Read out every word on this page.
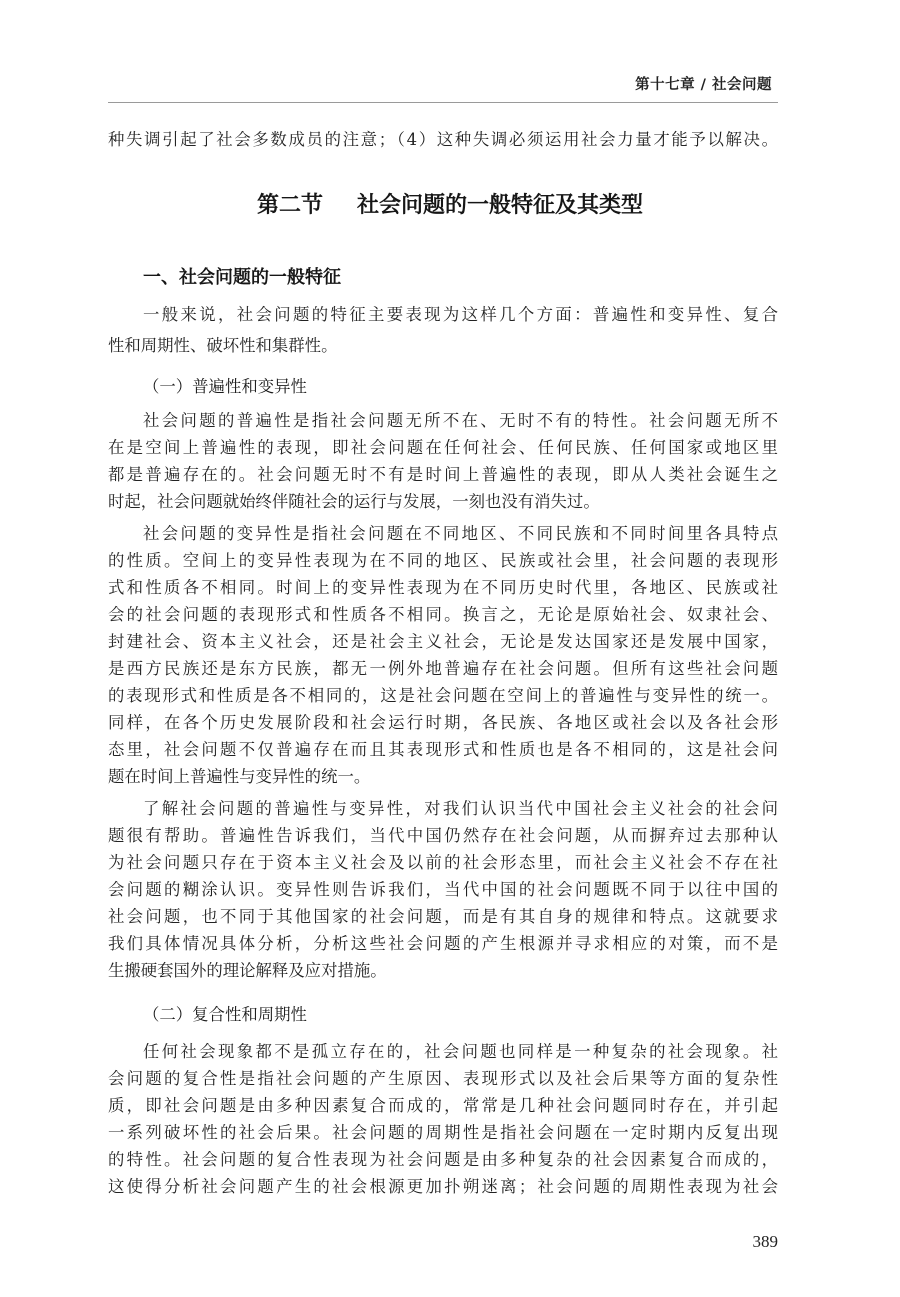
第十七章 / 社会问题
种失调引起了社会多数成员的注意；（4）这种失调必须运用社会力量才能予以解决。
第二节 社会问题的一般特征及其类型
一、社会问题的一般特征
一般来说，社会问题的特征主要表现为这样几个方面：普遍性和变异性、复合
性和周期性、破坏性和集群性。
（一）普遍性和变异性
社会问题的普遍性是指社会问题无所不在、无时不有的特性。社会问题无所不
在是空间上普遍性的表现，即社会问题在任何社会、任何民族、任何国家或地区里
都是普遍存在的。社会问题无时不有是时间上普遍性的表现，即从人类社会诞生之
时起，社会问题就始终伴随社会的运行与发展，一刻也没有消失过。
社会问题的变异性是指社会问题在不同地区、不同民族和不同时间里各具特点
的性质。空间上的变异性表现为在不同的地区、民族或社会里，社会问题的表现形
式和性质各不相同。时间上的变异性表现为在不同历史时代里，各地区、民族或社
会的社会问题的表现形式和性质各不相同。换言之，无论是原始社会、奴隶社会、
封建社会、资本主义社会，还是社会主义社会，无论是发达国家还是发展中国家，
是西方民族还是东方民族，都无一例外地普遍存在社会问题。但所有这些社会问题
的表现形式和性质是各不相同的，这是社会问题在空间上的普遍性与变异性的统一。
同样，在各个历史发展阶段和社会运行时期，各民族、各地区或社会以及各社会形
态里，社会问题不仅普遍存在而且其表现形式和性质也是各不相同的，这是社会问
题在时间上普遍性与变异性的统一。
了解社会问题的普遍性与变异性，对我们认识当代中国社会主义社会的社会问
题很有帮助。普遍性告诉我们，当代中国仍然存在社会问题，从而摒弃过去那种认
为社会问题只存在于资本主义社会及以前的社会形态里，而社会主义社会不存在社
会问题的糊涂认识。变异性则告诉我们，当代中国的社会问题既不同于以往中国的
社会问题，也不同于其他国家的社会问题，而是有其自身的规律和特点。这就要求
我们具体情况具体分析，分析这些社会问题的产生根源并寻求相应的对策，而不是
生搬硬套国外的理论解释及应对措施。
（二）复合性和周期性
任何社会现象都不是孤立存在的，社会问题也同样是一种复杂的社会现象。社
会问题的复合性是指社会问题的产生原因、表现形式以及社会后果等方面的复杂性
质，即社会问题是由多种因素复合而成的，常常是几种社会问题同时存在，并引起
一系列破坏性的社会后果。社会问题的周期性是指社会问题在一定时期内反复出现
的特性。社会问题的复合性表现为社会问题是由多种复杂的社会因素复合而成的，
这使得分析社会问题产生的社会根源更加扑朔迷离；社会问题的周期性表现为社会
389
